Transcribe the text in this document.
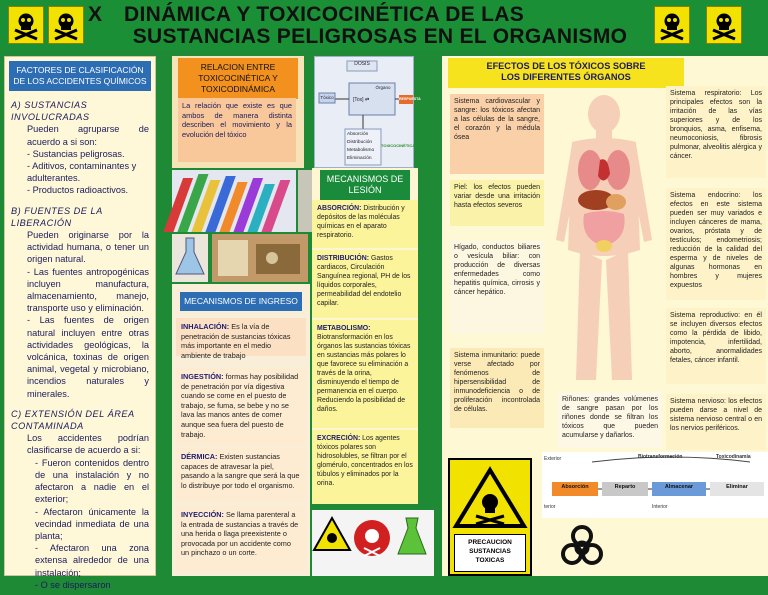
X	DINÁMICA Y TOXICOCINÉTICA DE LAS
SUSTANCIAS PELIGROSAS EN EL ORGANISMO
FACTORES DE CLASIFICACIÓN DE LOS ACCIDENTES QUÍMICOS
A) SUSTANCIAS INVOLUCRADAS
Pueden agruparse de acuerdo a si son:
- Sustancias peligrosas.
- Aditivos, contaminantes y adulterantes.
- Productos radioactivos.
B) FUENTES DE LA LIBERACIÓN
Pueden originarse por la actividad humana, o tener un origen natural.
- Las fuentes antropogénicas incluyen manufactura, almacenamiento, manejo, transporte uso y eliminación.
- Las fuentes de origen natural incluyen entre otras actividades geológicas, la volcánica, toxinas de origen animal, vegetal y microbiano, incendios naturales y minerales.
C) EXTENSIÓN DEL ÁREA CONTAMINADA
Los accidentes podrían clasificarse de acuerdo a si:
- Fueron contenidos dentro de una instalación y no afectaron a nadie en el exterior;
- Afectaron únicamente la vecindad inmediata de una planta;
- Afectaron una zona extensa alrededor de una instalación;
- O se dispersaron
RELACION ENTRE TOXICOCINÉTICA Y TOXICODINÁMICA
La relación que existe es que ambos de manera distinta describen el movimiento y la evolución del tóxico
DOSIS
Tóxico
Órgano
[Tox] ⇄	RESPUESTA
Absorción
Distribución
Metabolismo
Eliminación
TOXICOCINÉTICA
MECANISMOS DE INGRESO
INHALACIÓN: Es la vía de penetración de sustancias tóxicas más importante en el medio ambiente de trabajo
INGESTIÓN: formas hay posibilidad de penetración por vía digestiva cuando se come en el puesto de trabajo, se fuma, se bebe y no se lava las manos antes de comer aunque sea fuera del puesto de trabajo.
DÉRMICA: Existen sustancias capaces de atravesar la piel, pasando a la sangre que será la que lo distribuye por todo el organismo.
INYECCIÓN: Se llama parenteral a la entrada de sustancias a través de una herida o llaga preexistente o provocada por un accidente como un pinchazo o un corte.
MECANISMOS DE LESIÓN
ABSORCIÓN: Distribución y depósitos de las moléculas químicas en el aparato respiratorio.
DISTRIBUCIÓN: Gastos cardiacos, Circulación Sanguínea regional, PH de los líquidos corporales, permeabilidad del endotelio capilar.
METABOLISMO: Biotransformación en los órganos las sustancias tóxicas en sustancias más polares lo que favorece su eliminación a través de la orina, disminuyendo el tiempo de permanencia en el cuerpo. Reduciendo la posibilidad de daños.
EXCRECIÓN: Los agentes tóxicos polares son hidrosolubles, se filtran por el glomérulo, concentrados en los túbulos y eliminados por la orina.
EFECTOS DE LOS TÓXICOS SOBRE
LOS DIFERENTES ÓRGANOS
Sistema cardiovascular y sangre: los tóxicos afectan a las células de la sangre, el corazón y la médula ósea
Piel: los efectos pueden variar desde una irritación hasta efectos severos
Hígado, conductos biliares o vesícula biliar: con producción de diversas enfermedades como hepatitis química, cirrosis y cáncer hepático.
Sistema inmunitario: puede verse afectado por fenómenos de hipersensibilidad de inmunodeficiencia o de proliferación incontrolada de células.
Sistema respiratorio: Los principales efectos son la irritación de las vías superiores y de los bronquios, asma, enfisema, neumoconiosis, fibrosis pulmonar, alveolitis alérgica y cáncer.
Sistema endocrino: los efectos en este sistema pueden ser muy variados e incluyen cánceres de mama, ovarios, próstata y de testículos; endometriosis; reducción de la calidad del esperma y de niveles de algunas hormonas en hombres y mujeres expuestos
Sistema reproductivo: en él se incluyen diversos efectos como la pérdida de libido, impotencia, infertilidad, aborto, anormalidades fetales, cáncer infantil.
Sistema nervioso: los efectos pueden darse a nivel de sistema nervioso central o en los nervios periféricos.
Riñones: grandes volúmenes de sangre pasan por los riñones donde se filtran los tóxicos que pueden acumularse y dañarlos.
Exterior	Biotransformación	Toxicodinamia
Absorción	Reparto	Almacenar	Eliminar
terior	Interior
PRECAUCION
SUSTANCIAS
TOXICAS
